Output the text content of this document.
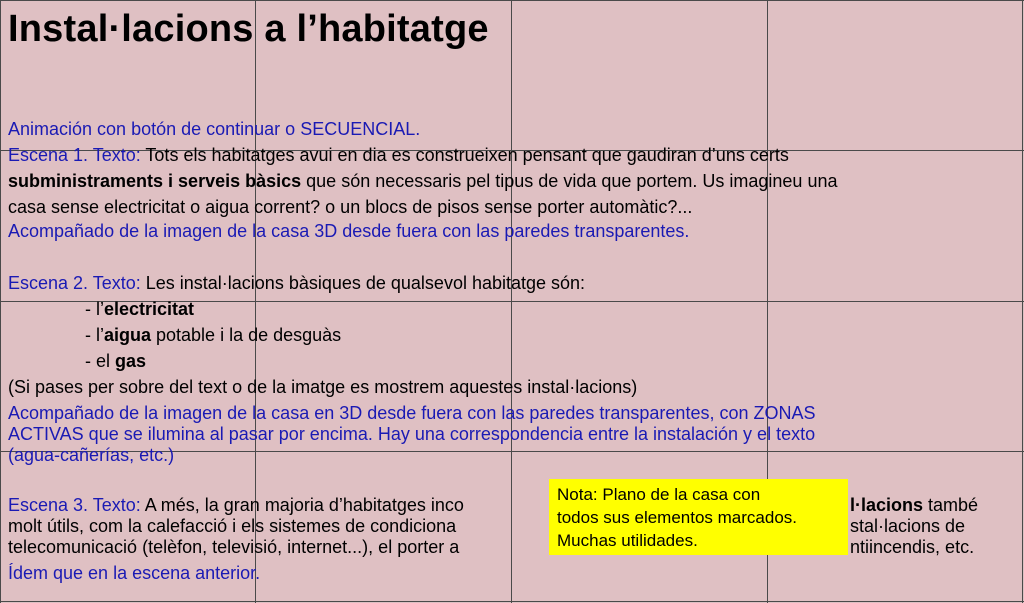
Instal·lacions a l’habitatge
Animación con botón de continuar o SECUENCIAL.
Escena 1. Texto: Tots els habitatges avui en dia es construeixen pensant que gaudiran d’uns certs
subministraments i serveis bàsics que són necessaris pel tipus de vida que portem. Us imagineu una
casa sense electricitat o aigua corrent? o un blocs de pisos sense porter automàtic?...
Acompañado de la imagen de la casa 3D desde fuera con las paredes transparentes.
Escena 2. Texto: Les instal·lacions bàsiques de qualsevol habitatge són:
- l’electricitat
- l’aigua potable i la de desguàs
- el gas
(Si pases per sobre del text o de la imatge es mostrem aquestes instal·lacions)
Acompañado de la imagen de la casa en 3D desde fuera con las paredes transparentes, con ZONAS
ACTIVAS que se ilumina al pasar por encima. Hay una correspondencia entre la instalación y el texto
(agua-cañerías, etc.)
Escena 3. Texto: A més, la gran majoria d’habitatges inco	l·lacions també
molt útils, com la calefacció i els sistemes de condiciona	stal·lacions de
telecomunicació (telèfon, televisió, internet...), el porter a	ntiincendis, etc.
Ídem que en la escena anterior.
Nota: Plano de la casa con
todos sus elementos marcados.
Muchas utilidades.
